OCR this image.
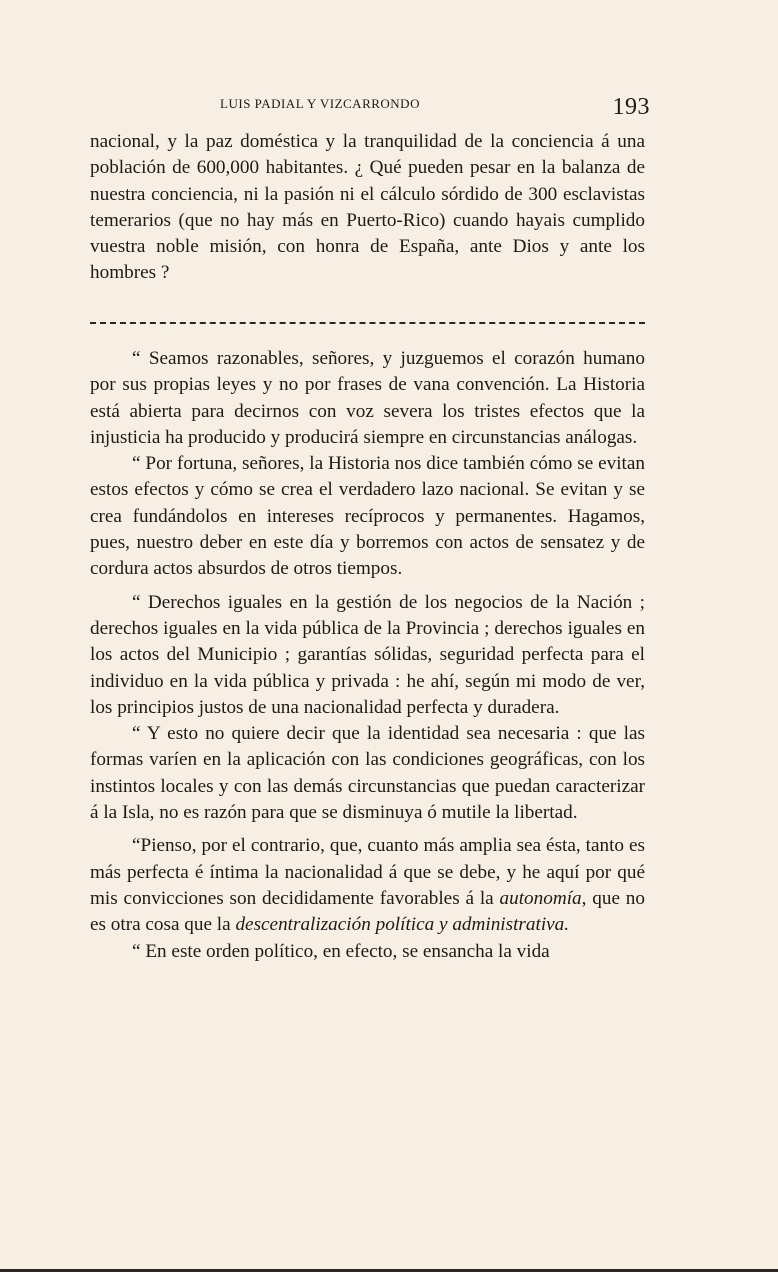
LUIS PADIAL Y VIZCARRONDO	193

nacional, y la paz doméstica y la tranquilidad de la conciencia á una población de 600,000 habitantes. ¿ Qué pueden pesar en la balanza de nuestra conciencia, ni la pasión ni el cálculo sórdido de 300 esclavistas temerarios (que no hay más en Puerto-Rico) cuando hayais cumplido vuestra noble misión, con honra de España, ante Dios y ante los hombres ?

“ Seamos razonables, señores, y juzguemos el corazón humano por sus propias leyes y no por frases de vana convención. La Historia está abierta para decirnos con voz severa los tristes efectos que la injusticia ha producido y producirá siempre en circunstancias análogas.

“ Por fortuna, señores, la Historia nos dice también cómo se evitan estos efectos y cómo se crea el verdadero lazo nacional. Se evitan y se crea fundándolos en intereses recíprocos y permanentes. Hagamos, pues, nuestro deber en este día y borremos con actos de sensatez y de cordura actos absurdos de otros tiempos.

“ Derechos iguales en la gestión de los negocios de la Nación ; derechos iguales en la vida pública de la Provincia ; derechos iguales en los actos del Municipio ; garantías sólidas, seguridad perfecta para el individuo en la vida pública y privada : he ahí, según mi modo de ver, los principios justos de una nacionalidad perfecta y duradera.

“ Y esto no quiere decir que la identidad sea necesaria : que las formas varíen en la aplicación con las condiciones geográficas, con los instintos locales y con las demás circunstancias que puedan caracterizar á la Isla, no es razón para que se disminuya ó mutile la libertad.

“Pienso, por el contrario, que, cuanto más amplia sea ésta, tanto es más perfecta é íntima la nacionalidad á que se debe, y he aquí por qué mis convicciones son decididamente favorables á la autonomía, que no es otra cosa que la descentralización política y administrativa.

“ En este orden político, en efecto, se ensancha la vida
